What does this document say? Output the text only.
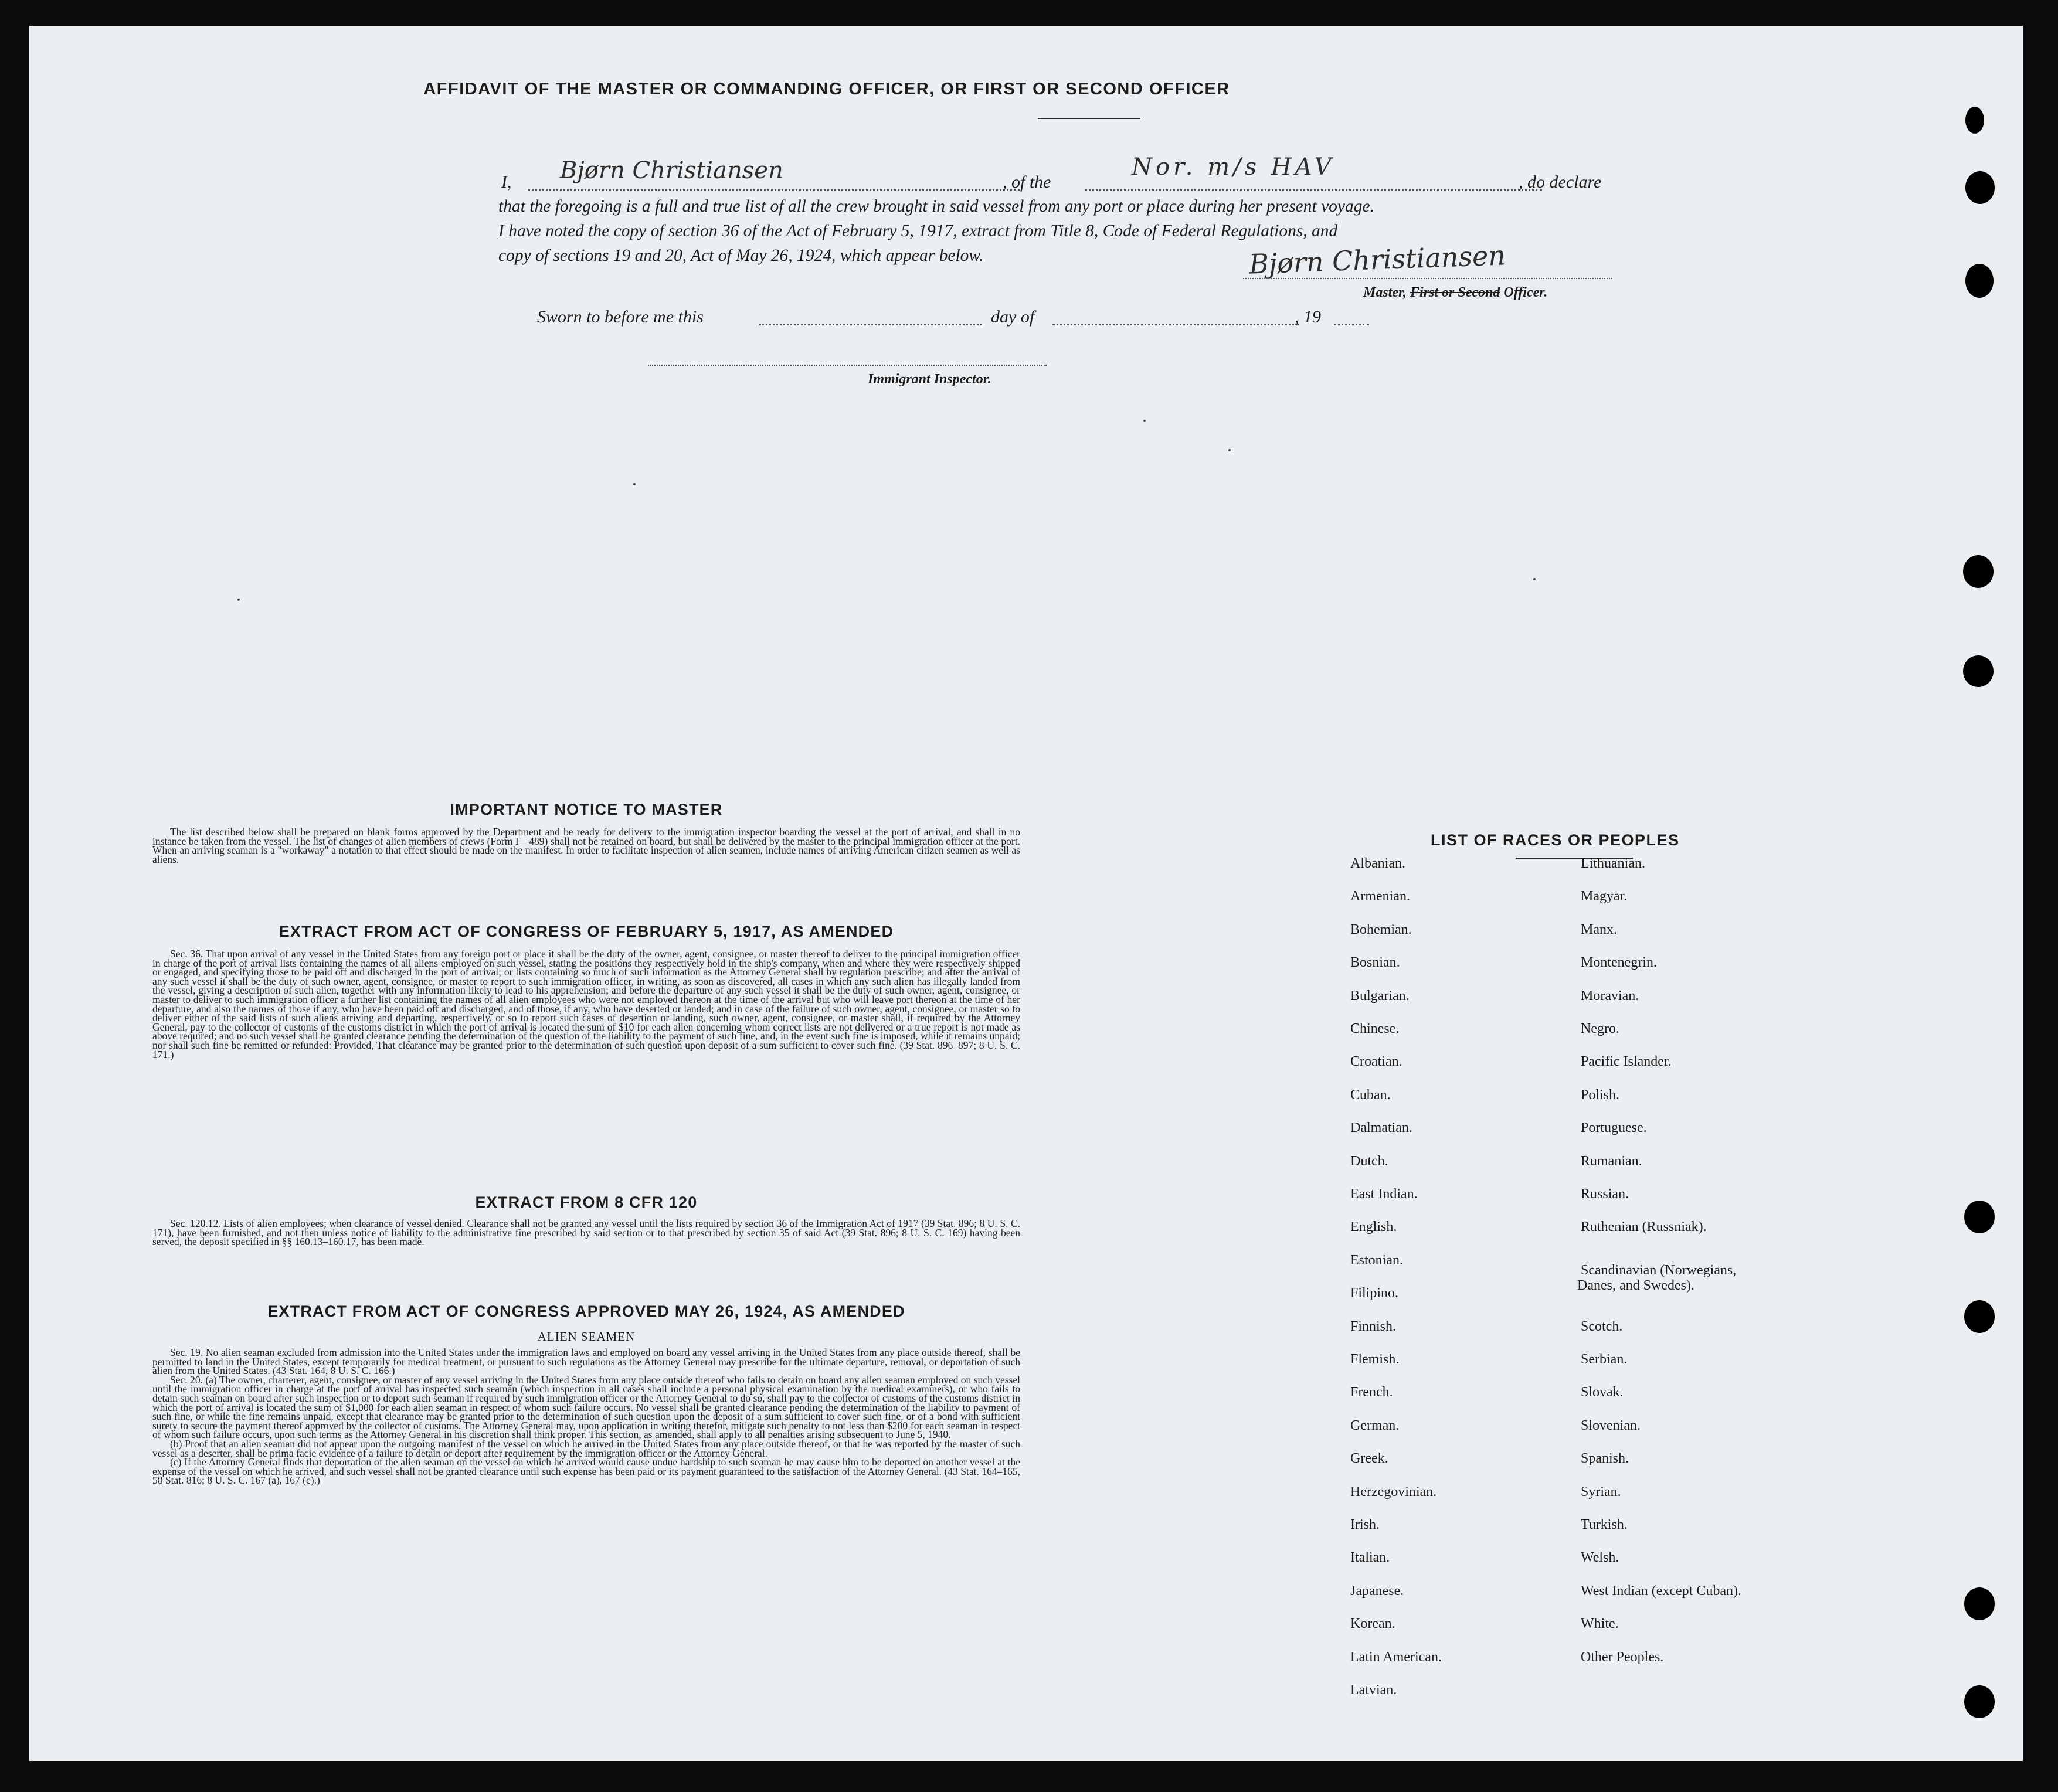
AFFIDAVIT OF THE MASTER OR COMMANDING OFFICER, OR FIRST OR SECOND OFFICER
I, Bjørn Christiansen	, of the
Nor. m/s HAV
, do declare
that the foregoing is a full and true list of all the crew brought in said vessel from any port or place during her present voyage.
I have noted the copy of section 36 of the Act of February 5, 1917, extract from Title 8, Code of Federal Regulations, and
copy of sections 19 and 20, Act of May 26, 1924, which appear below.	Bjørn Christiansen
Master, First or Second Officer.
Sworn to before me this	day of	, 19
Immigrant Inspector.
IMPORTANT NOTICE TO MASTER

The list described below shall be prepared on blank forms approved by the Department and be ready for delivery to the immigration inspector boarding the vessel at the port of arrival, and shall in no instance be taken from the vessel. The list of changes of alien members of crews (Form I—489) shall not be retained on board, but shall be delivered by the master to the principal immigration officer at the port. When an arriving seaman is a "workaway" a notation to that effect should be made on the manifest. In order to facilitate inspection of alien seamen, include names of arriving American citizen seamen as well as aliens.

EXTRACT FROM ACT OF CONGRESS OF FEBRUARY 5, 1917, AS AMENDED

Sec. 36. That upon arrival of any vessel in the United States from any foreign port or place it shall be the duty of the owner, agent, consignee, or master thereof to deliver to the principal immigration officer in charge of the port of arrival lists containing the names of all aliens employed on such vessel, stating the positions they respectively hold in the ship's company, when and where they were respectively shipped or engaged, and specifying those to be paid off and discharged in the port of arrival; or lists containing so much of such information as the Attorney General shall by regulation prescribe; and after the arrival of any such vessel it shall be the duty of such owner, agent, consignee, or master to report to such immigration officer, in writing, as soon as discovered, all cases in which any such alien has illegally landed from the vessel, giving a description of such alien, together with any information likely to lead to his apprehension; and before the departure of any such vessel it shall be the duty of such owner, agent, consignee, or master to deliver to such immigration officer a further list containing the names of all alien employees who were not employed thereon at the time of the arrival but who will leave port thereon at the time of her departure, and also the names of those if any, who have been paid off and discharged, and of those, if any, who have deserted or landed; and in case of the failure of such owner, agent, consignee, or master so to deliver either of the said lists of such aliens arriving and departing, respectively, or so to report such cases of desertion or landing, such owner, agent, consignee, or master shall, if required by the Attorney General, pay to the collector of customs of the customs district in which the port of arrival is located the sum of $10 for each alien concerning whom correct lists are not delivered or a true report is not made as above required; and no such vessel shall be granted clearance pending the determination of the question of the liability to the payment of such fine, and, in the event such fine is imposed, while it remains unpaid; nor shall such fine be remitted or refunded: Provided, That clearance may be granted prior to the determination of such question upon deposit of a sum sufficient to cover such fine. (39 Stat. 896–897; 8 U. S. C. 171.)

EXTRACT FROM 8 CFR 120

Sec. 120.12. Lists of alien employees; when clearance of vessel denied. Clearance shall not be granted any vessel until the lists required by section 36 of the Immigration Act of 1917 (39 Stat. 896; 8 U. S. C. 171), have been furnished, and not then unless notice of liability to the administrative fine prescribed by said section or to that prescribed by section 35 of said Act (39 Stat. 896; 8 U. S. C. 169) having been served, the deposit specified in §§ 160.13–160.17, has been made.

EXTRACT FROM ACT OF CONGRESS APPROVED MAY 26, 1924, AS AMENDED
ALIEN SEAMEN

Sec. 19. No alien seaman excluded from admission into the United States under the immigration laws and employed on board any vessel arriving in the United States from any place outside thereof, shall be permitted to land in the United States, except temporarily for medical treatment, or pursuant to such regulations as the Attorney General may prescribe for the ultimate departure, removal, or deportation of such alien from the United States. (43 Stat. 164, 8 U. S. C. 166.)

Sec. 20. (a) The owner, charterer, agent, consignee, or master of any vessel arriving in the United States from any place outside thereof who fails to detain on board any alien seaman employed on such vessel until the immigration officer in charge at the port of arrival has inspected such seaman (which inspection in all cases shall include a personal physical examination by the medical examiners), or who fails to detain such seaman on board after such inspection or to deport such seaman if required by such immigration officer or the Attorney General to do so, shall pay to the collector of customs of the customs district in which the port of arrival is located the sum of $1,000 for each alien seaman in respect of whom such failure occurs. No vessel shall be granted clearance pending the determination of the liability to payment of such fine, or while the fine remains unpaid, except that clearance may be granted prior to the determination of such question upon the deposit of a sum sufficient to cover such fine, or of a bond with sufficient surety to secure the payment thereof approved by the collector of customs. The Attorney General may, upon application in writing therefor, mitigate such penalty to not less than $200 for each seaman in respect of whom such failure occurs, upon such terms as the Attorney General in his discretion shall think proper. This section, as amended, shall apply to all penalties arising subsequent to June 5, 1940.

(b) Proof that an alien seaman did not appear upon the outgoing manifest of the vessel on which he arrived in the United States from any place outside thereof, or that he was reported by the master of such vessel as a deserter, shall be prima facie evidence of a failure to detain or deport after requirement by the immigration officer or the Attorney General.

(c) If the Attorney General finds that deportation of the alien seaman on the vessel on which he arrived would cause undue hardship to such seaman he may cause him to be deported on another vessel at the expense of the vessel on which he arrived, and such vessel shall not be granted clearance until such expense has been paid or its payment guaranteed to the satisfaction of the Attorney General. (43 Stat. 164–165, 58 Stat. 816; 8 U. S. C. 167 (a), 167 (c).)

LIST OF RACES OR PEOPLES
Albanian.
Armenian.
Bohemian.
Bosnian.
Bulgarian.
Chinese.
Croatian.
Cuban.
Dalmatian.
Dutch.
East Indian.
English.
Estonian.
Filipino.
Finnish.
Flemish.
French.
German.
Greek.
Herzegovinian.
Irish.
Italian.
Japanese.
Korean.
Latin American.
Latvian.
Lithuanian.
Magyar.
Manx.
Montenegrin.
Moravian.
Negro.
Pacific Islander.
Polish.
Portuguese.
Rumanian.
Russian.
Ruthenian (Russniak).
Scandinavian (Norwegians,
Danes, and Swedes).
Scotch.
Serbian.
Slovak.
Slovenian.
Spanish.
Syrian.
Turkish.
Welsh.
West Indian (except Cuban).
White.
Other Peoples.
